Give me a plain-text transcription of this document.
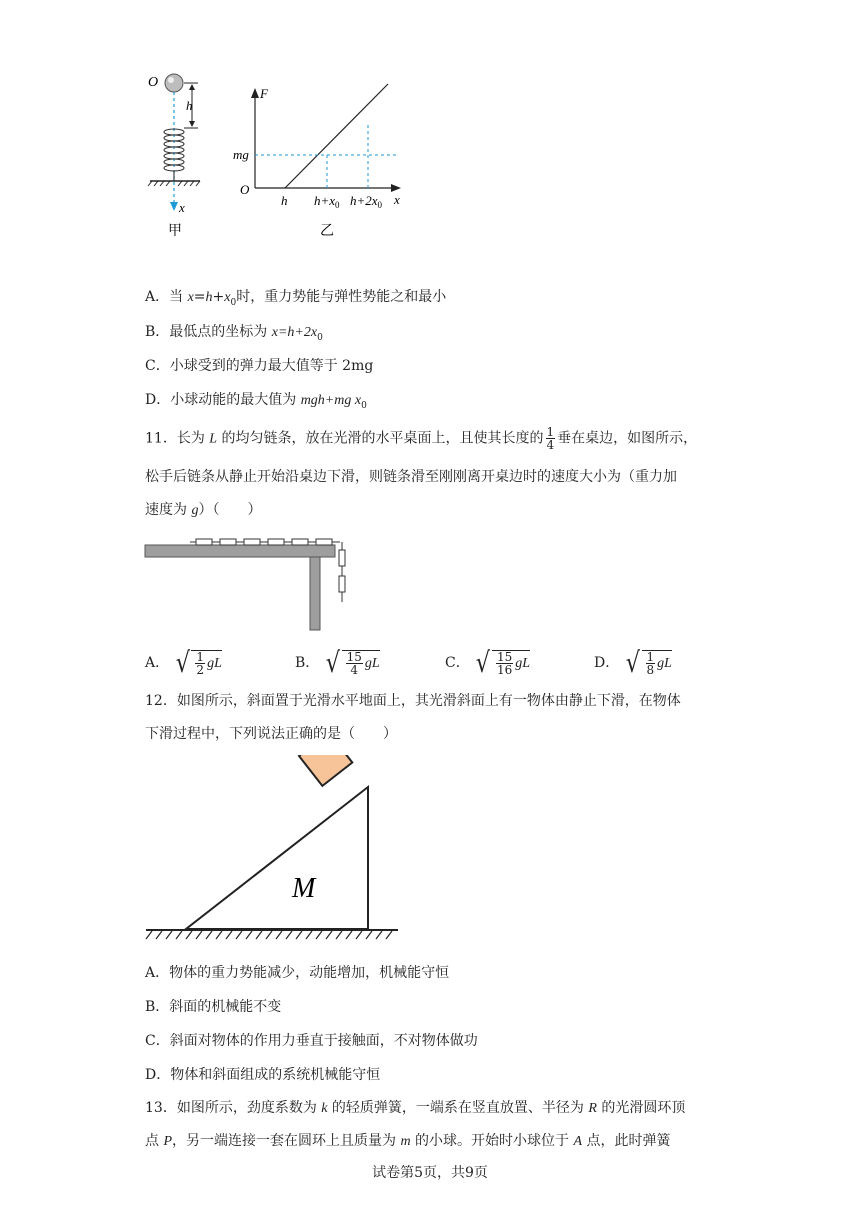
O
x
h
甲
F
x
O
mg
h $h+x_0$ $h+2x_0$
乙
A．当 $x=h+x_0$时，重力势能与弹性势能之和最小
B．最低点的坐标为 $x=h+2x_0$
C．小球受到的弹力最大值等于 2mg
D．小球动能的最大值为 mgh+mg $x_0$
11．长为 L 的均匀链条，放在光滑的水平桌面上，且使其长度的 $\frac{1}{4}$ 垂在桌边，如图所示，
松手后链条从静止开始沿桌边下滑，则链条滑至刚刚离开桌边时的速度大小为（重力加
速度为 g）（　　）
A． √ $\frac{1}{2}$ gL	B． √ $\frac{15}{4}$ gL	C． √ $\frac{15}{16}$ gL	D． √ $\frac{1}{8}$ gL
12．如图所示，斜面置于光滑水平地面上，其光滑斜面上有一物体由静止下滑，在物体
下滑过程中，下列说法正确的是（　　）
M
A．物体的重力势能减少，动能增加，机械能守恒
B．斜面的机械能不变
C．斜面对物体的作用力垂直于接触面，不对物体做功
D．物体和斜面组成的系统机械能守恒
13．如图所示，劲度系数为 k 的轻质弹簧，一端系在竖直放置、半径为 R 的光滑圆环顶
点 P，另一端连接一套在圆环上且质量为 m 的小球。开始时小球位于 A 点，此时弹簧
试卷第5页，共9页
